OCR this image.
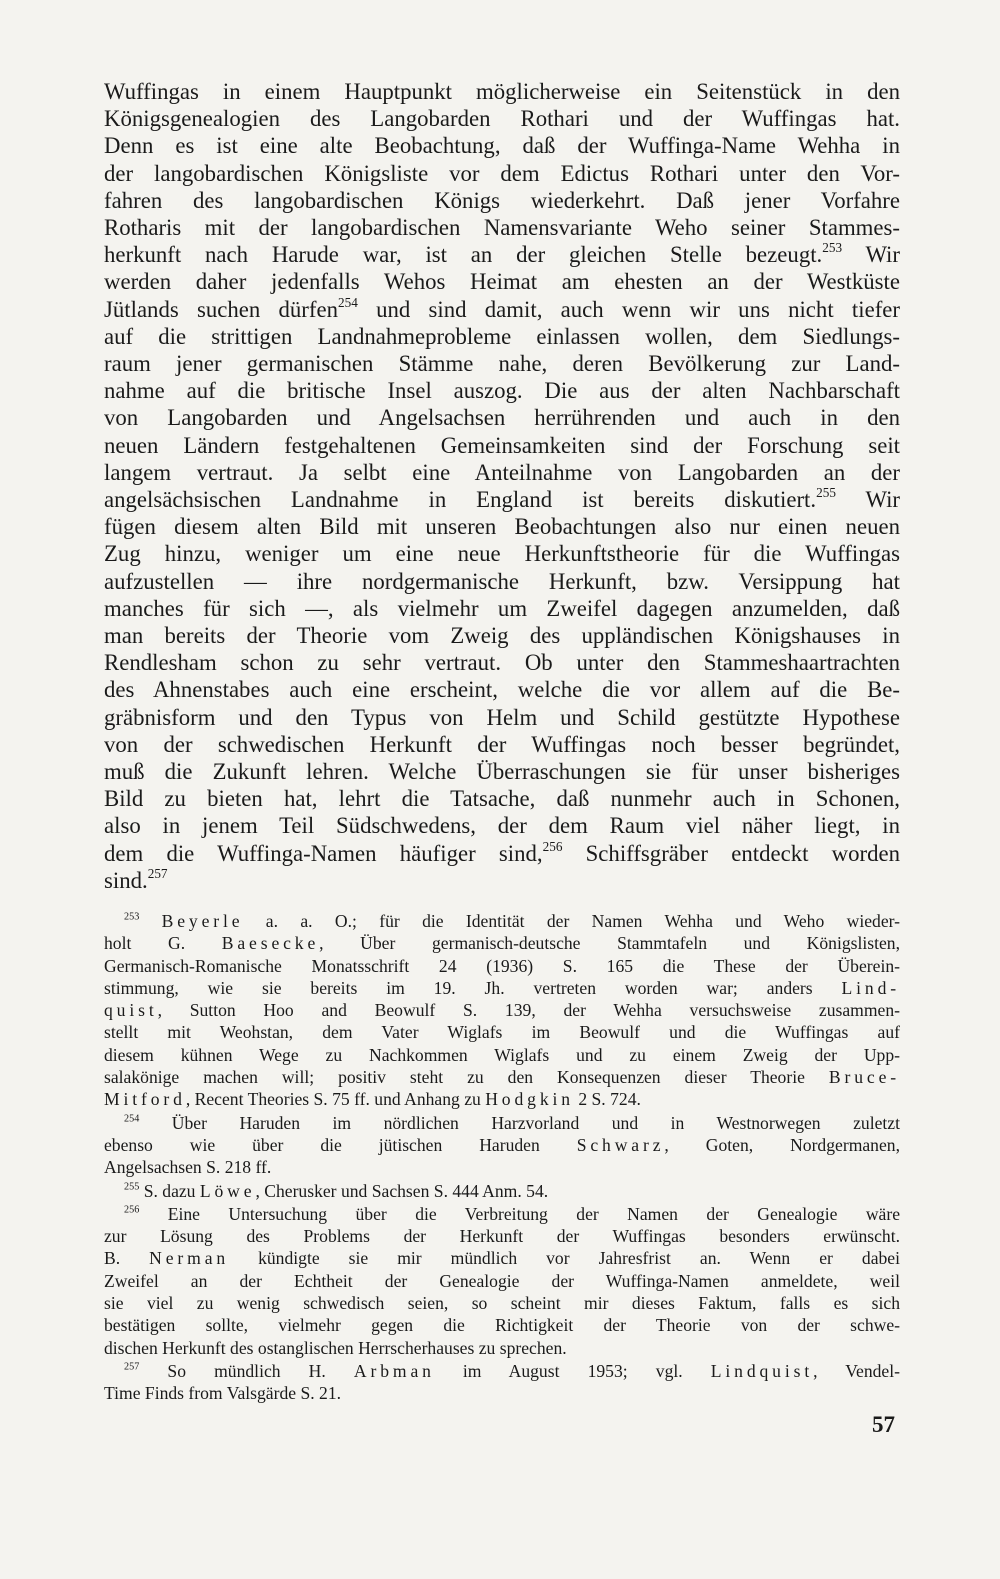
Wuffingas in einem Hauptpunkt möglicherweise ein Seitenstück in den
Königsgenealogien des Langobarden Rothari und der Wuffingas hat.
Denn es ist eine alte Beobachtung, daß der Wuffinga-Name Wehha in
der langobardischen Königsliste vor dem Edictus Rothari unter den Vor-
fahren des langobardischen Königs wiederkehrt. Daß jener Vorfahre
Rotharis mit der langobardischen Namensvariante Weho seiner Stammes-
herkunft nach Harude war, ist an der gleichen Stelle bezeugt.$^{253}$ Wir
werden daher jedenfalls Wehos Heimat am ehesten an der Westküste
Jütlands suchen dürfen$^{254}$ und sind damit, auch wenn wir uns nicht tiefer
auf die strittigen Landnahmeprobleme einlassen wollen, dem Siedlungs-
raum jener germanischen Stämme nahe, deren Bevölkerung zur Land-
nahme auf die britische Insel auszog. Die aus der alten Nachbarschaft
von Langobarden und Angelsachsen herrührenden und auch in den
neuen Ländern festgehaltenen Gemeinsamkeiten sind der Forschung seit
langem vertraut. Ja selbt eine Anteilnahme von Langobarden an der
angelsächsischen Landnahme in England ist bereits diskutiert.$^{255}$ Wir
fügen diesem alten Bild mit unseren Beobachtungen also nur einen neuen
Zug hinzu, weniger um eine neue Herkunftstheorie für die Wuffingas
aufzustellen — ihre nordgermanische Herkunft, bzw. Versippung hat
manches für sich —, als vielmehr um Zweifel dagegen anzumelden, daß
man bereits der Theorie vom Zweig des uppländischen Königshauses in
Rendlesham schon zu sehr vertraut. Ob unter den Stammeshaartrachten
des Ahnenstabes auch eine erscheint, welche die vor allem auf die Be-
gräbnisform und den Typus von Helm und Schild gestützte Hypothese
von der schwedischen Herkunft der Wuffingas noch besser begründet,
muß die Zukunft lehren. Welche Überraschungen sie für unser bisheriges
Bild zu bieten hat, lehrt die Tatsache, daß nunmehr auch in Schonen,
also in jenem Teil Südschwedens, der dem Raum viel näher liegt, in
dem die Wuffinga-Namen häufiger sind,$^{256}$ Schiffsgräber entdeckt worden
sind.$^{257}$
$^{253}$ Beyerle a. a. O.; für die Identität der Namen Wehha und Weho wieder-
holt G. Baesecke, Über germanisch-deutsche Stammtafeln und Königslisten,
Germanisch-Romanische Monatsschrift 24 (1936) S. 165 die These der Überein-
stimmung, wie sie bereits im 19. Jh. vertreten worden war; anders Lind-
quist, Sutton Hoo and Beowulf S. 139, der Wehha versuchsweise zusammen-
stellt mit Weohstan, dem Vater Wiglafs im Beowulf und die Wuffingas auf
diesem kühnen Wege zu Nachkommen Wiglafs und zu einem Zweig der Upp-
salakönige machen will; positiv steht zu den Konsequenzen dieser Theorie Bruce-
Mitford, Recent Theories S. 75 ff. und Anhang zu Hodgkin 2 S. 724.
$^{254}$ Über Haruden im nördlichen Harzvorland und in Westnorwegen zuletzt
ebenso wie über die jütischen Haruden Schwarz, Goten, Nordgermanen,
Angelsachsen S. 218 ff.
$^{255}$ S. dazu Löwe, Cherusker und Sachsen S. 444 Anm. 54.
$^{256}$ Eine Untersuchung über die Verbreitung der Namen der Genealogie wäre
zur Lösung des Problems der Herkunft der Wuffingas besonders erwünscht.
B. Nerman kündigte sie mir mündlich vor Jahresfrist an. Wenn er dabei
Zweifel an der Echtheit der Genealogie der Wuffinga-Namen anmeldete, weil
sie viel zu wenig schwedisch seien, so scheint mir dieses Faktum, falls es sich
bestätigen sollte, vielmehr gegen die Richtigkeit der Theorie von der schwe-
dischen Herkunft des ostanglischen Herrscherhauses zu sprechen.
$^{257}$ So mündlich H. Arbman im August 1953; vgl. Lindquist, Vendel-
Time Finds from Valsgärde S. 21.
57
